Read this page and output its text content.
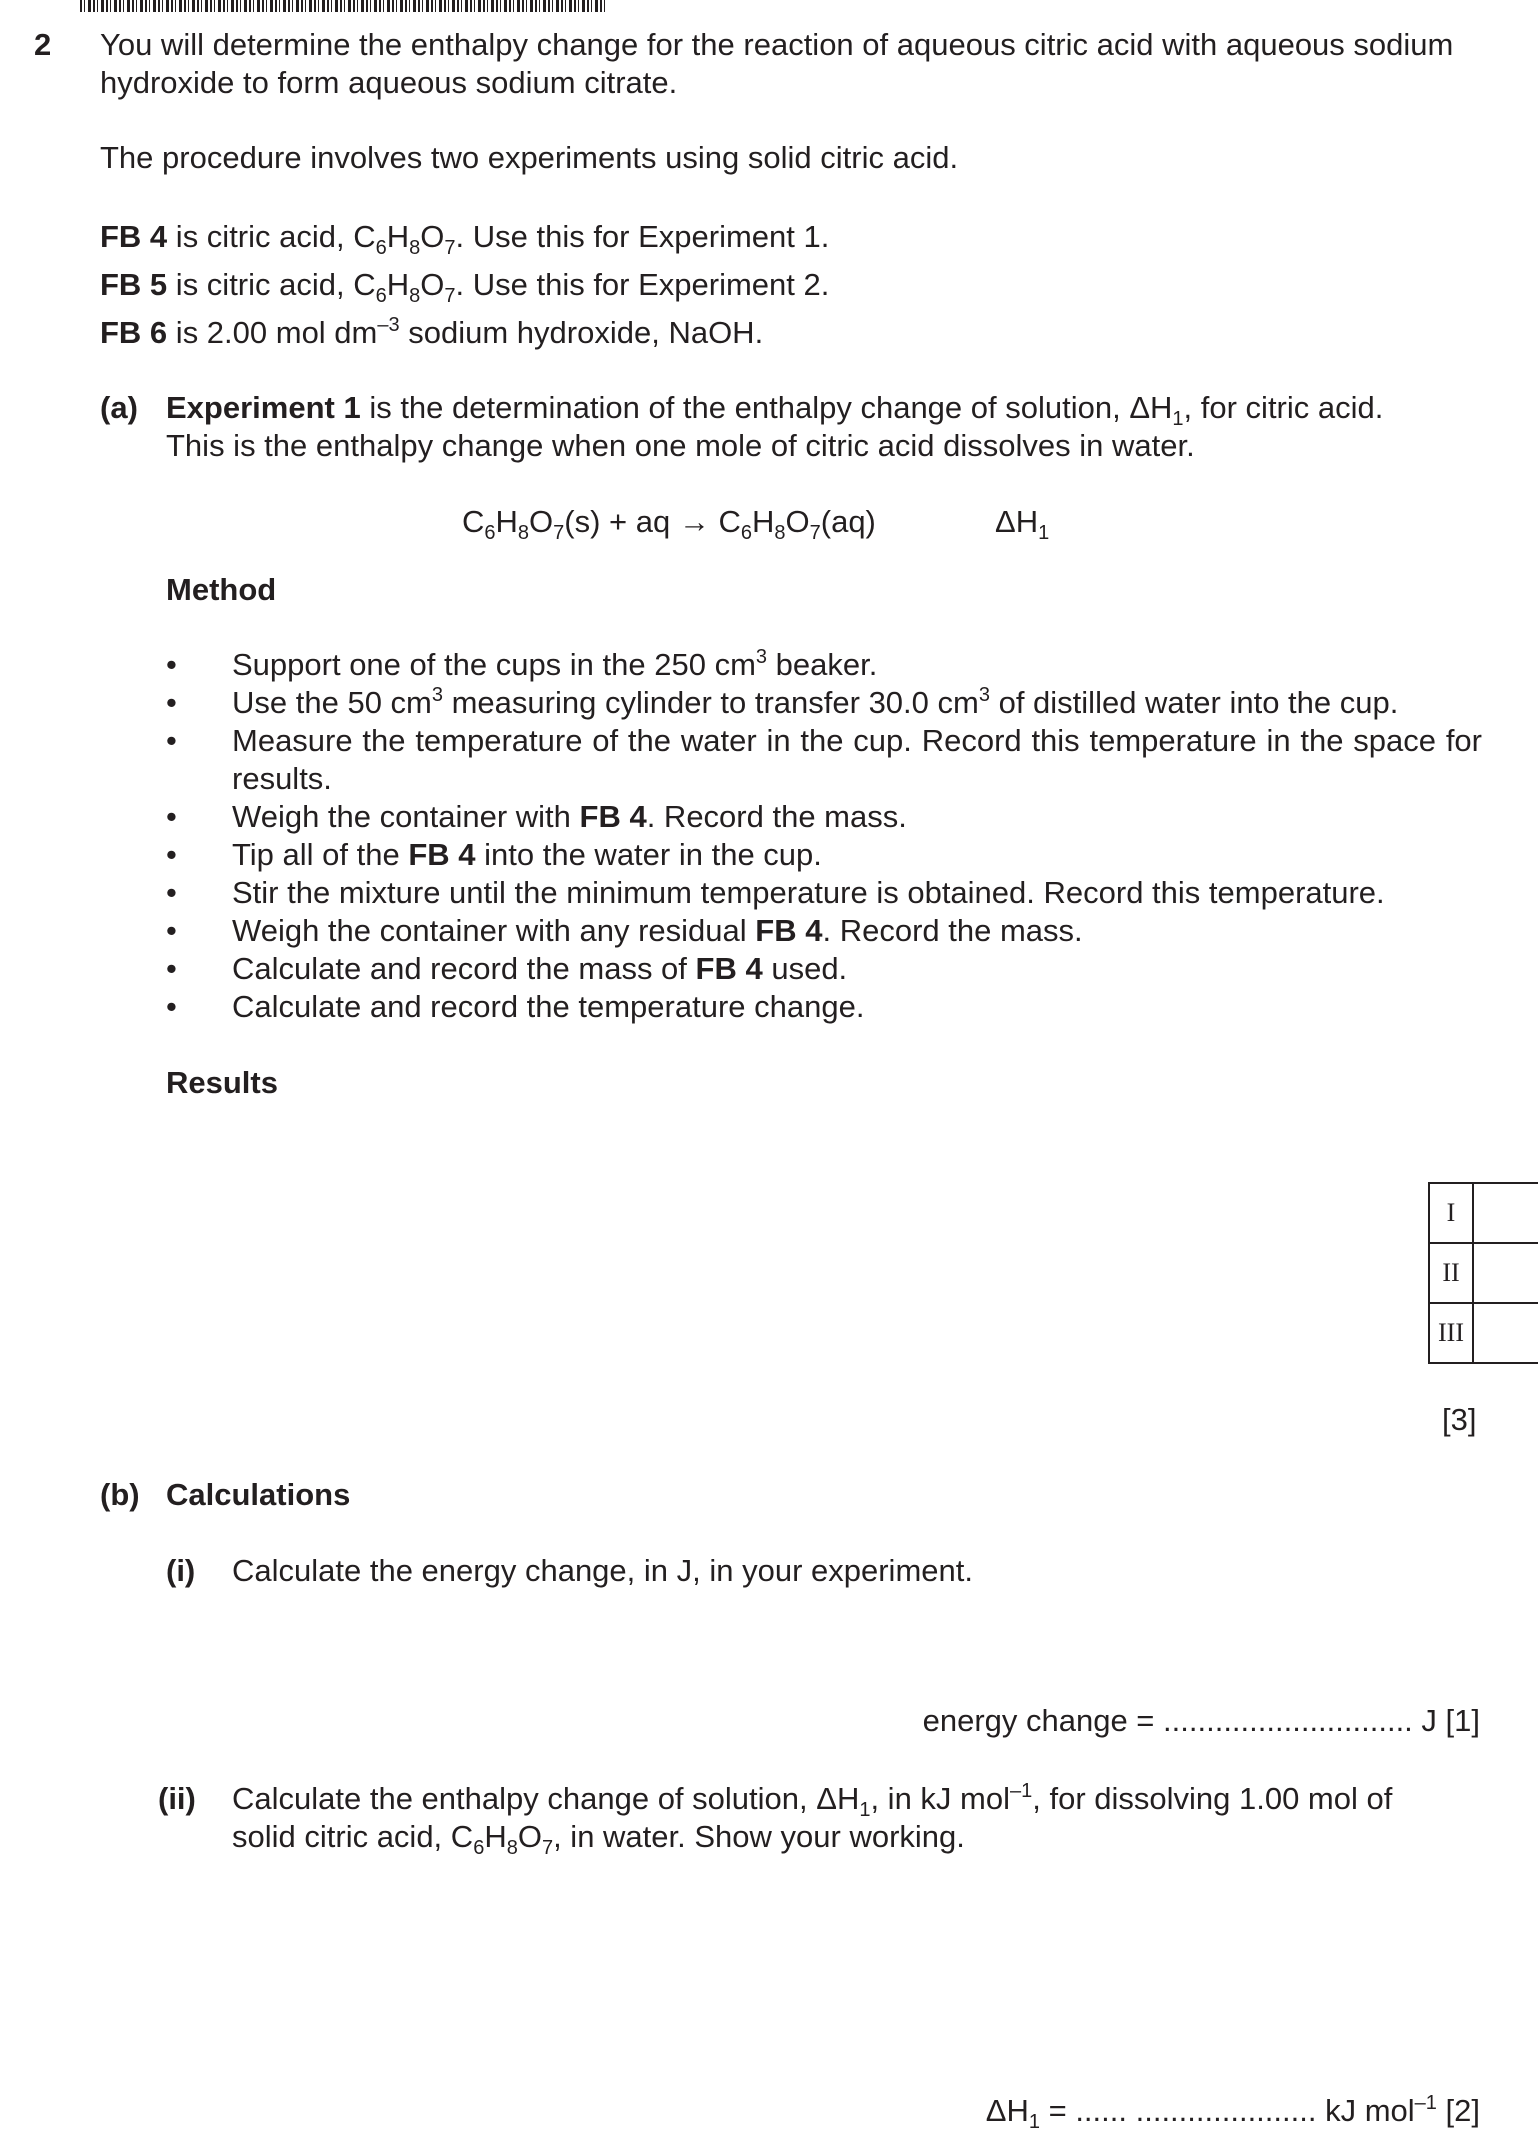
2 You will determine the enthalpy change for the reaction of aqueous citric acid with aqueous sodium hydroxide to form aqueous sodium citrate.
The procedure involves two experiments using solid citric acid.
FB 4 is citric acid, $C_6H_8O_7$. Use this for Experiment 1.
FB 5 is citric acid, $C_6H_8O_7$. Use this for Experiment 2.
FB 6 is 2.00 mol $dm^{-3}$ sodium hydroxide, NaOH.
(a) Experiment 1 is the determination of the enthalpy change of solution, $\Delta H_1$, for citric acid.
This is the enthalpy change when one mole of citric acid dissolves in water.
$C_6H_8O_7(s)$ + aq → $C_6H_8O_7(aq)$	$\Delta H_1$
Method
• Support one of the cups in the 250 $cm^3$ beaker.
• Use the 50 $cm^3$ measuring cylinder to transfer 30.0 $cm^3$ of distilled water into the cup.
• Measure the temperature of the water in the cup. Record this temperature in the space for results.
• Weigh the container with FB 4. Record the mass.
• Tip all of the FB 4 into the water in the cup.
• Stir the mixture until the minimum temperature is obtained. Record this temperature.
• Weigh the container with any residual FB 4. Record the mass.
• Calculate and record the mass of FB 4 used.
• Calculate and record the temperature change.
Results
I	
II	
III	
[3]
(b) Calculations
(i) Calculate the energy change, in J, in your experiment.
energy change = ............................. J [1]
(ii) Calculate the enthalpy change of solution, $\Delta H_1$, in kJ mol$^{-1}$, for dissolving 1.00 mol of
solid citric acid, $C_6H_8O_7$, in water. Show your working.
$\Delta H_1$ = ...... ..................... kJ mol$^{-1}$ [2]
